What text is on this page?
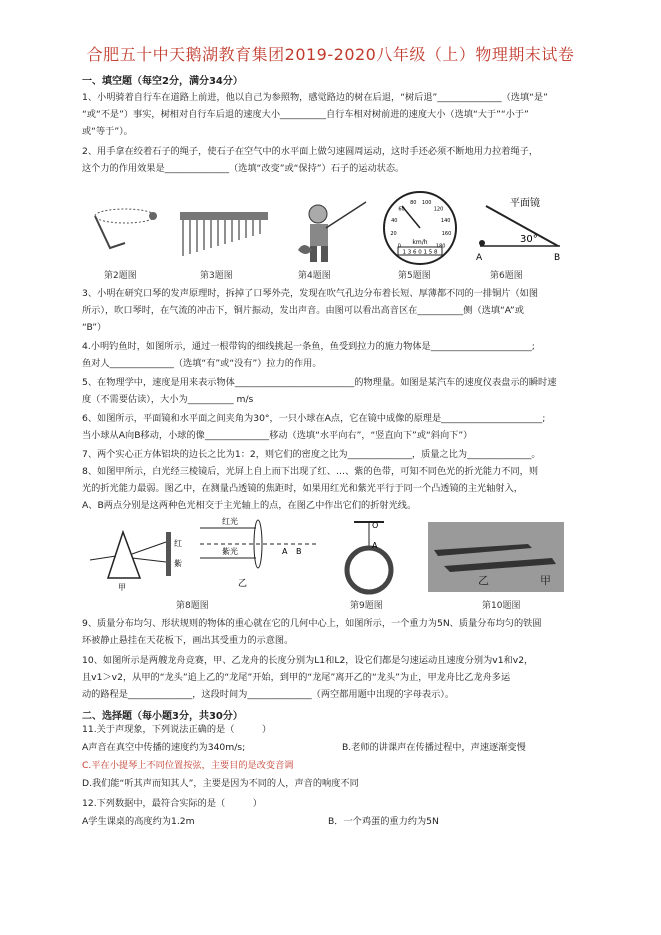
合肥五十中天鹅湖教育集团2019-2020八年级（上）物理期末试卷
一、填空题（每空2分，满分34分）
1、小明骑着自行车在道路上前进，他以自己为参照物，感觉路边的树在后退，“树后退”______________（选填“是”
“或“不是”）事实，树相对自行车后退的速度大小__________自行车相对树前进的速度大小（选填“大于”“小于”
或“等于”）。
2、用手拿在绞着石子的绳子，使石子在空气中的水平面上做匀速圆周运动，这时手还必须不断地用力拉着绳子，
这个力的作用效果是______________（选填“改变”或“保持”）石子的运动状态。
第2题图	第3题图	第4题图
km/h
1 3 6 0 1 5 8
0
20
40
60
80 100
120
140
160
180
第5题图
平面镜
30°
A	B
第6题图
3、小明在研究口琴的发声原理时，拆掉了口琴外壳，发现在吹气孔边分布着长短、厚薄都不同的一排铜片（如图
所示），吹口琴时，在气流的冲击下，铜片振动，发出声音。由图可以看出高音区在__________侧（选填“A”或
“B”）
4.小明钓鱼时，如图所示，通过一根带钩的细线挑起一条鱼，鱼受到拉力的施力物体是______________________;
鱼对人______________（选填“有”或“没有”）拉力的作用。
5、在物理学中，速度是用来表示物体__________________________的物理量。如图是某汽车的速度仪表盘示的瞬时速
度（不需要估读），大小为__________ m/s
6、如图所示，平面镜和水平面之间夹角为30°，一只小球在A点，它在镜中成像的原理是______________________;
当小球从A向B移动，小球的像______________移动（选填“水平向右”，“竖直向下”或“斜向下”）
7、两个实心正方体铝块的边长之比为1：2，则它们的密度之比为______________，质量之比为______________。
8、如图甲所示，白光经三棱镜后，光屏上自上而下出现了红、…、紫的色带，可知不同色光的折光能力不同，则
光的折光能力最弱。图乙中，在测量凸透镜的焦距时，如果用红光和紫光平行于同一个凸透镜的主光轴射入，
A、B两点分别是这两种色光相交于主光轴上的点，在图乙中作出它们的折射光线。
红
紫
甲
红光
紫光	A B
乙
第8题图
O
A
第9题图
乙	甲
第10题图
9、质量分布均匀、形状规则的物体的重心就在它的几何中心上，如图所示，一个重力为5N、质量分布均匀的铁圆
环被静止悬挂在天花板下，画出其受重力的示意图。
10、如图所示是两艘龙舟竞赛，甲、乙龙舟的长度分别为L1和L2，设它们都是匀速运动且速度分别为v1和v2，
且v1＞v2，从甲的“龙头”追上乙的“龙尾”开始，到甲的“龙尾”离开乙的“龙头”为止，甲龙舟比乙龙舟多运
动的路程是______________，这段时间为______________（两空都用题中出现的字母表示）。
二、选择题（每小题3分，共30分）
11.关于声现象，下列说法正确的是（　　　）
A声音在真空中传播的速度约为340m/s;	B.老师的讲课声在传播过程中，声速逐渐变慢
C.平在小提琴上不同位置按弦，主要目的是改变音调
D.我们能“听其声而知其人”，主要是因为不同的人，声音的响度不同
12.下列数据中，最符合实际的是（　　　）
A学生课桌的高度约为1.2m	B．一个鸡蛋的重力约为5N
